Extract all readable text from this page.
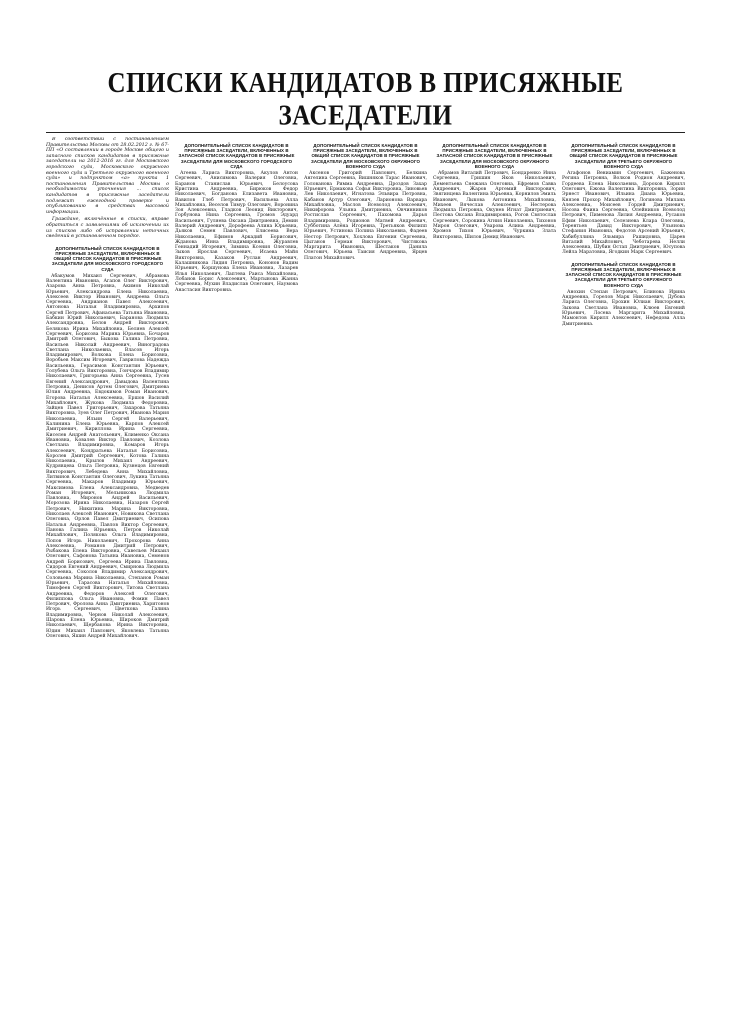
СПИСКИ КАНДИДАТОВ В ПРИСЯЖНЫЕ ЗАСЕДАТЕЛИ

В соответствии с постановлением Правительства Москвы от 28.02.2012 г. № 67-ПП «О составлении в городе Москве общего и запасного списков кандидатов в присяжные заседатели на 2012-2016 гг. для Московского городского суда, Московского окружного военного суда и Третьего окружного военного суда» и подпунктом «а» пункта 1 постановления Правительства Москвы о необходимости уточнения ... список кандидатов в присяжные заседатели подлежит ежегодной проверке и опубликованию в средствах массовой информации.

Граждане, включённые в списки, вправе обратиться с заявлениями об исключении их из списков либо об исправлении неточных сведений в установленном порядке.

ДОПОЛНИТЕЛЬНЫЙ СПИСОК КАНДИДАТОВ В ПРИСЯЖНЫЕ ЗАСЕДАТЕЛИ, ВКЛЮЧЕННЫХ В ОБЩИЙ СПИСОК КАНДИДАТОВ В ПРИСЯЖНЫЕ ЗАСЕДАТЕЛИ ДЛЯ МОСКОВСКОГО ГОРОДСКОГО СУДА

Абакумов Михаил Сергеевич, Абрамова Валентина Ивановна, Агапов Олег Викторович, Азарова Анна Петровна, Акимов Николай Юрьевич, Александрова Елена Николаевна, Алексеев Виктор Иванович, Андреева Ольга Сергеевна, Андрианов Павел Алексеевич, Антонова Наталья Владимировна, Архипов Сергей Петрович, Афанасьева Татьяна Ивановна, Бабкин Юрий Николаевич, Баранова Людмила Александровна, Белов Андрей Викторович, Белякова Ирина Михайловна, Беляев Алексей Сергеевич, Борисова Марина Юрьевна, Бочаров Дмитрий Олегович, Быкова Галина Петровна, Васильев Николай Андреевич, Виноградова Светлана Николаевна, Власов Игорь Владимирович, Волкова Елена Борисовна, Воробьев Максим Игоревич, Гаврилова Надежда Васильевна, Герасимов Константин Юрьевич, Голубева Ольга Викторовна, Гончаров Владимир Николаевич, Григорьева Анна Сергеевна, Гусев Евгений Александрович, Давыдова Валентина Петровна, Денисов Артем Олегович, Дмитриева Юлия Андреевна, Евдокимов Роман Иванович, Егорова Наталья Алексеевна, Ершов Василий Михайлович, Жукова Людмила Федоровна, Зайцев Павел Григорьевич, Захарова Татьяна Викторовна, Зуев Олег Петрович, Иванова Мария Николаевна, Ильин Сергей Валерьевич, Калинина Елена Юрьевна, Карпов Алексей Дмитриевич, Кириллова Ирина Сергеевна, Киселев Андрей Анатольевич, Клименко Оксана Ивановна, Ковалев Виктор Павлович, Козлова Светлана Владимировна, Комаров Игорь Алексеевич, Кондратьева Наталья Борисовна, Королев Дмитрий Сергеевич, Котова Галина Николаевна, Крылов Михаил Андреевич, Кудрявцева Ольга Петровна, Кузнецов Евгений Викторович, Лебедева Анна Михайловна, Литвинов Константин Олегович, Лукина Татьяна Сергеевна, Макаров Владимир Юрьевич, Максимова Елена Александровна, Медведев Роман Игоревич, Мельникова Людмила Павловна, Миронов Андрей Васильевич, Морозова Ирина Николаевна, Назаров Сергей Петрович, Никитина Марина Викторовна, Николаев Алексей Иванович, Новикова Светлана Олеговна, Орлов Павел Дмитриевич, Осипова Наталья Андреевна, Павлов Виктор Сергеевич, Панова Галина Юрьевна, Петров Николай Михайлович, Полякова Ольга Владимировна, Попов Игорь Николаевич, Прохорова Анна Алексеевна, Романов Дмитрий Петрович, Рыбакова Елена Викторовна, Савельев Михаил Олегович, Сафонова Татьяна Ивановна, Семенов Андрей Борисович, Сергеева Ирина Павловна, Сидоров Евгений Андреевич, Смирнова Людмила Сергеевна, Соколов Владимир Александрович, Соловьева Марина Николаевна, Степанов Роман Юрьевич, Тарасова Наталья Михайловна, Тимофеев Сергей Викторович, Титова Светлана Андреевна, Федоров Алексей Олегович, Филиппова Ольга Ивановна, Фомин Павел Петрович, Фролова Анна Дмитриевна, Харитонов Игорь Сергеевич, Цветкова Галина Владимировна, Чернов Николай Алексеевич, Шарова Елена Юрьевна, Широков Дмитрий Николаевич, Щербакова Ирина Викторовна, Юдин Михаил Павлович, Яковлева Татьяна Олеговна, Яшин Андрей Михайлович.

ДОПОЛНИТЕЛЬНЫЙ СПИСОК КАНДИДАТОВ В ПРИСЯЖНЫЕ ЗАСЕДАТЕЛИ, ВКЛЮЧЕННЫХ В ЗАПАСНОЙ СПИСОК КАНДИДАТОВ В ПРИСЯЖНЫЕ ЗАСЕДАТЕЛИ ДЛЯ МОСКОВСКОГО ГОРОДСКОГО СУДА

Агеева Лариса Викторовна, Акулов Антон Сергеевич, Анисимова Валерия Олеговна, Баранов Станислав Юрьевич, Белоусова Кристина Андреевна, Бирюков Федор Николаевич, Богданова Елизавета Ивановна, Вавилов Глеб Петрович, Васильева Алла Михайловна, Веселов Тимур Олегович, Воронина Зоя Алексеевна, Гладков Леонид Викторович, Горбунова Нина Сергеевна, Громов Эдуард Васильевич, Гуляева Оксана Дмитриевна, Демин Валерий Андреевич, Дорофеева Алина Юрьевна, Дьяков Семен Павлович, Елисеева Вера Николаевна, Ефимов Аркадий Борисович, Жданова Инна Владимировна, Журавлев Геннадий Игоревич, Зимина Ксения Олеговна, Зыков Ярослав Сергеевич, Исаева Майя Викторовна, Казаков Руслан Андреевич, Калашникова Лидия Петровна, Кононов Вадим Юрьевич, Коршунова Елена Ивановна, Лазарев Илья Николаевич, Лаптева Раиса Михайловна, Лобанов Борис Алексеевич, Мартынова Жанна Сергеевна, Мухин Владислав Олегович, Наумова Анастасия Викторовна.

ДОПОЛНИТЕЛЬНЫЙ СПИСОК КАНДИДАТОВ В ПРИСЯЖНЫЕ ЗАСЕДАТЕЛИ, ВКЛЮЧЕННЫХ В ОБЩИЙ СПИСОК КАНДИДАТОВ В ПРИСЯЖНЫЕ ЗАСЕДАТЕЛИ ДЛЯ МОСКОВСКОГО ОКРУЖНОГО ВОЕННОГО СУДА

Аксенов Григорий Павлович, Белкина Ангелина Сергеевна, Вишняков Тарас Иванович, Голованова Римма Андреевна, Дроздов Захар Юрьевич, Ермакова Софья Викторовна, Зиновьев Лев Николаевич, Игнатова Эльвира Петровна, Кабанов Артур Олегович, Ларионова Варвара Михайловна, Маслов Всеволод Алексеевич, Никифорова Ульяна Дмитриевна, Овчинников Ростислав Сергеевич, Пахомова Дарья Владимировна, Родионов Матвей Андреевич, Субботина Алёна Игоревна, Третьяков Филипп Юрьевич, Устинова Полина Николаевна, Фадеев Нестор Петрович, Хохлова Евгения Сергеевна, Цыганов Герман Викторович, Чистякова Маргарита Ивановна, Шестаков Данила Олегович, Юрьева Таисия Андреевна, Ярцев Платон Михайлович.

ДОПОЛНИТЕЛЬНЫЙ СПИСОК КАНДИДАТОВ В ПРИСЯЖНЫЕ ЗАСЕДАТЕЛИ, ВКЛЮЧЕННЫХ В ЗАПАСНОЙ СПИСОК КАНДИДАТОВ В ПРИСЯЖНЫЕ ЗАСЕДАТЕЛИ ДЛЯ МОСКОВСКОГО ОКРУЖНОГО ВОЕННОГО СУДА

Абрамов Виталий Петрович, Бондаренко Инна Сергеевна, Гришин Яков Николаевич, Дементьева Снежана Олеговна, Ефремов Савва Андреевич, Жаров Артемий Викторович, Звягинцева Валентина Юрьевна, Корнилов Эмиль Иванович, Лыкова Антонина Михайловна, Михеев Вячеслав Алексеевич, Нестерова Людмила Петровна, Окунев Игнат Дмитриевич, Пестова Оксана Владимировна, Рогов Святослав Сергеевич, Сорокина Агния Николаевна, Тихонов Мирон Олегович, Уварова Алина Андреевна, Хромов Тихон Юрьевич, Чуркина Злата Викторовна, Шилов Демид Иванович.

ДОПОЛНИТЕЛЬНЫЙ СПИСОК КАНДИДАТОВ В ПРИСЯЖНЫЕ ЗАСЕДАТЕЛИ, ВКЛЮЧЕННЫХ В ОБЩИЙ СПИСОК КАНДИДАТОВ В ПРИСЯЖНЫЕ ЗАСЕДАТЕЛИ ДЛЯ ТРЕТЬЕГО ОКРУЖНОГО ВОЕННОГО СУДА

Агафонов Вениамин Сергеевич, Баженова Регина Петровна, Волков Родион Андреевич, Гордеева Елена Николаевна, Дорохов Кирилл Олегович, Ежова Валентина Викторовна, Зорин Эрнест Иванович, Ильина Диана Юрьевна, Князев Прохор Михайлович, Логинова Милана Алексеевна, Моисеев Гордей Дмитриевич, Носова Фаина Сергеевна, Олейников Всеволод Петрович, Пименова Лилия Андреевна, Русаков Ефим Николаевич, Селезнева Клара Олеговна, Терентьев Давид Викторович, Ульянова Стефания Ивановна, Федотов Арсений Юрьевич, Хабибуллина Эльмира Рашидовна, Царев Виталий Михайлович, Чеботарева Нелли Алексеевна, Шубин Остап Дмитриевич, Юсупова Лейла Маратовна, Ягодкин Марк Сергеевич.

ДОПОЛНИТЕЛЬНЫЙ СПИСОК КАНДИДАТОВ В ПРИСЯЖНЫЕ ЗАСЕДАТЕЛИ, ВКЛЮЧЕННЫХ В ЗАПАСНОЙ СПИСОК КАНДИДАТОВ В ПРИСЯЖНЫЕ ЗАСЕДАТЕЛИ ДЛЯ ТРЕТЬЕГО ОКРУЖНОГО ВОЕННОГО СУДА

Анохин Степан Петрович, Блинова Ирина Андреевна, Горелов Марк Николаевич, Дубова Лариса Олеговна, Ерохин Юлиан Викторович, Зыкова Светлана Ивановна, Клюев Евгений Юрьевич, Лосева Маргарита Михайловна, Мамонтов Кирилл Алексеевич, Нефедова Алла Дмитриевна.
